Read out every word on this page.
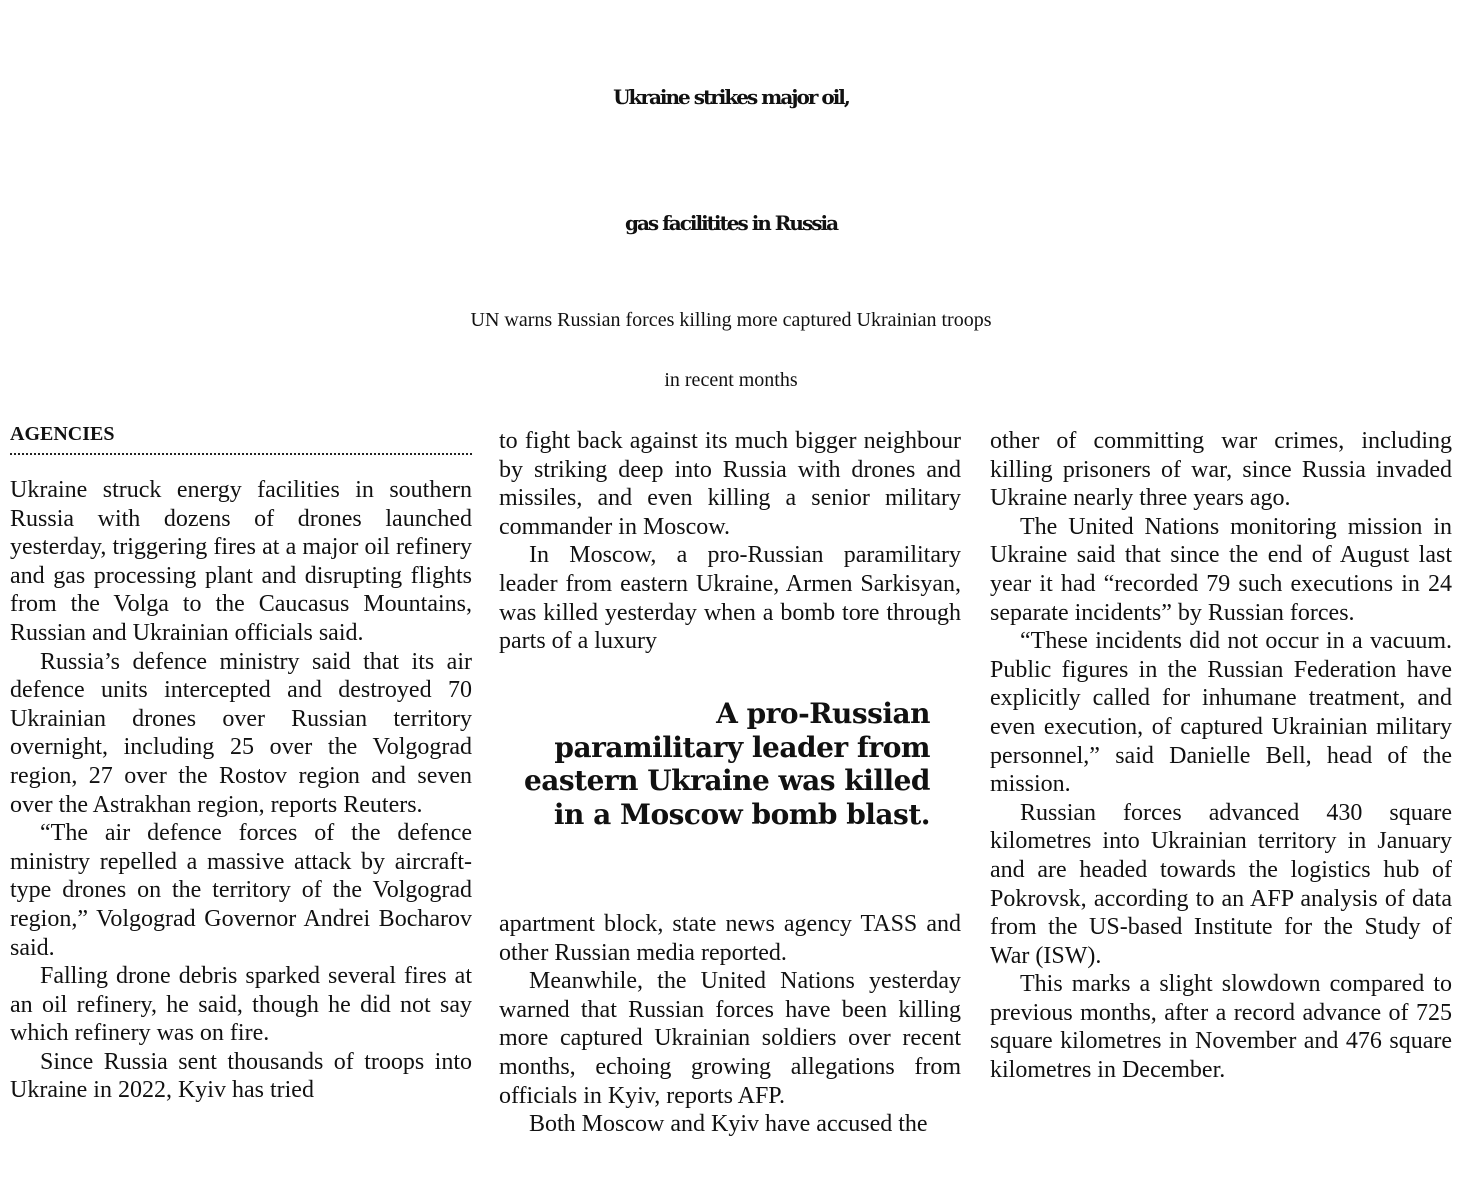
Ukraine strikes major oil,
gas facilitites in Russia
UN warns Russian forces killing more captured Ukrainian troops
in recent months
AGENCIES

Ukraine struck energy facilities in southern Russia with dozens of drones launched yesterday, triggering fires at a major oil refinery and gas processing plant and disrupting flights from the Volga to the Caucasus Mountains, Russian and Ukrainian officials said.

Russia’s defence ministry said that its air defence units intercepted and destroyed 70 Ukrainian drones over Russian territory overnight, including 25 over the Volgograd region, 27 over the Rostov region and seven over the Astrakhan region, reports Reuters.

“The air defence forces of the defence ministry repelled a massive attack by aircraft-type drones on the territory of the Volgograd region,” Volgograd Governor Andrei Bocharov said.

Falling drone debris sparked several fires at an oil refinery, he said, though he did not say which refinery was on fire.

Since Russia sent thousands of troops into Ukraine in 2022, Kyiv has tried

to fight back against its much bigger neighbour by striking deep into Russia with drones and missiles, and even killing a senior military commander in Moscow.

In Moscow, a pro-Russian paramilitary leader from eastern Ukraine, Armen Sarkisyan, was killed yesterday when a bomb tore through parts of a luxury

A pro-Russian paramilitary leader from eastern Ukraine was killed in a Moscow bomb blast.

apartment block, state news agency TASS and other Russian media reported.

Meanwhile, the United Nations yesterday warned that Russian forces have been killing more captured Ukrainian soldiers over recent months, echoing growing allegations from officials in Kyiv, reports AFP.

Both Moscow and Kyiv have accused the

other of committing war crimes, including killing prisoners of war, since Russia invaded Ukraine nearly three years ago.

The United Nations monitoring mission in Ukraine said that since the end of August last year it had “recorded 79 such executions in 24 separate incidents” by Russian forces.

“These incidents did not occur in a vacuum. Public figures in the Russian Federation have explicitly called for inhumane treatment, and even execution, of captured Ukrainian military personnel,” said Danielle Bell, head of the mission.

Russian forces advanced 430 square kilometres into Ukrainian territory in January and are headed towards the logistics hub of Pokrovsk, according to an AFP analysis of data from the US-based Institute for the Study of War (ISW).

This marks a slight slowdown compared to previous months, after a record advance of 725 square kilometres in November and 476 square kilometres in December.
